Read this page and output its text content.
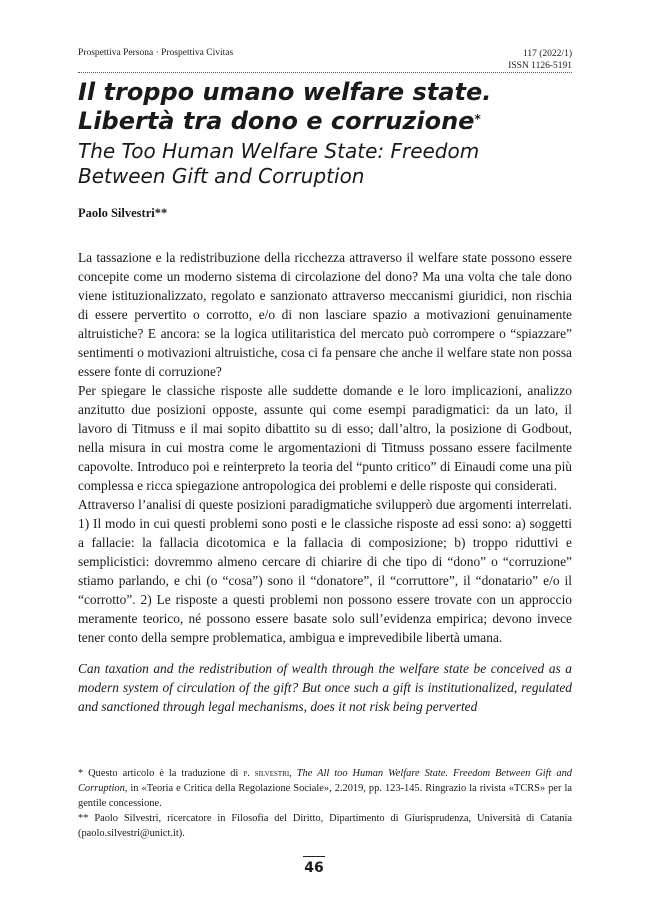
Prospettiva Persona · Prospettiva Civitas	117 (2022/1)
ISSN 1126-5191
Il troppo umano welfare state. Libertà tra dono e corruzione*
The Too Human Welfare State: Freedom Between Gift and Corruption
Paolo Silvestri**

La tassazione e la redistribuzione della ricchezza attraverso il welfare state possono essere concepite come un moderno sistema di circolazione del dono? Ma una volta che tale dono viene istituzionalizzato, regolato e sanzionato attraverso meccanismi giuridici, non rischia di essere pervertito o corrotto, e/o di non lasciare spazio a motivazioni genuinamente altruistiche? E ancora: se la logica utilitaristica del mercato può corrompere o “spiazzare” sentimenti o motivazioni altruistiche, cosa ci fa pensare che anche il welfare state non possa essere fonte di corruzione?

Per spiegare le classiche risposte alle suddette domande e le loro implicazioni, analizzo anzitutto due posizioni opposte, assunte qui come esempi paradigmatici: da un lato, il lavoro di Titmuss e il mai sopito dibattito su di esso; dall’altro, la posizione di Godbout, nella misura in cui mostra come le argomentazioni di Titmuss possano essere facilmente capovolte. Introduco poi e reinterpreto la teoria del “punto critico” di Einaudi come una più complessa e ricca spiegazione antropologica dei problemi e delle risposte qui considerati.

Attraverso l’analisi di queste posizioni paradigmatiche svilupperò due argomenti interrelati. 1) Il modo in cui questi problemi sono posti e le classiche risposte ad essi sono: a) soggetti a fallacie: la fallacia dicotomica e la fallacia di composizione; b) troppo riduttivi e semplicistici: dovremmo almeno cercare di chiarire di che tipo di “dono” o “corruzione” stiamo parlando, e chi (o “cosa”) sono il “donatore”, il “corruttore”, il “donatario” e/o il “corrotto”. 2) Le risposte a questi problemi non possono essere trovate con un approccio meramente teorico, né possono essere basate solo sull’evidenza empirica; devono invece tener conto della sempre problematica, ambigua e imprevedibile libertà umana.

Can taxation and the redistribution of wealth through the welfare state be conceived as a modern system of circulation of the gift? But once such a gift is institutionalized, regulated and sanctioned through legal mechanisms, does it not risk being perverted

* Questo articolo è la traduzione di p. silvestri, The All too Human Welfare State. Freedom Between Gift and Corruption, in «Teoria e Critica della Regolazione Sociale», 2.2019, pp. 123-145. Ringrazio la rivista «TCRS» per la gentile concessione.

** Paolo Silvestri, ricercatore in Filosofia del Diritto, Dipartimento di Giurisprudenza, Università di Catania (paolo.silvestri@unict.it).

46
